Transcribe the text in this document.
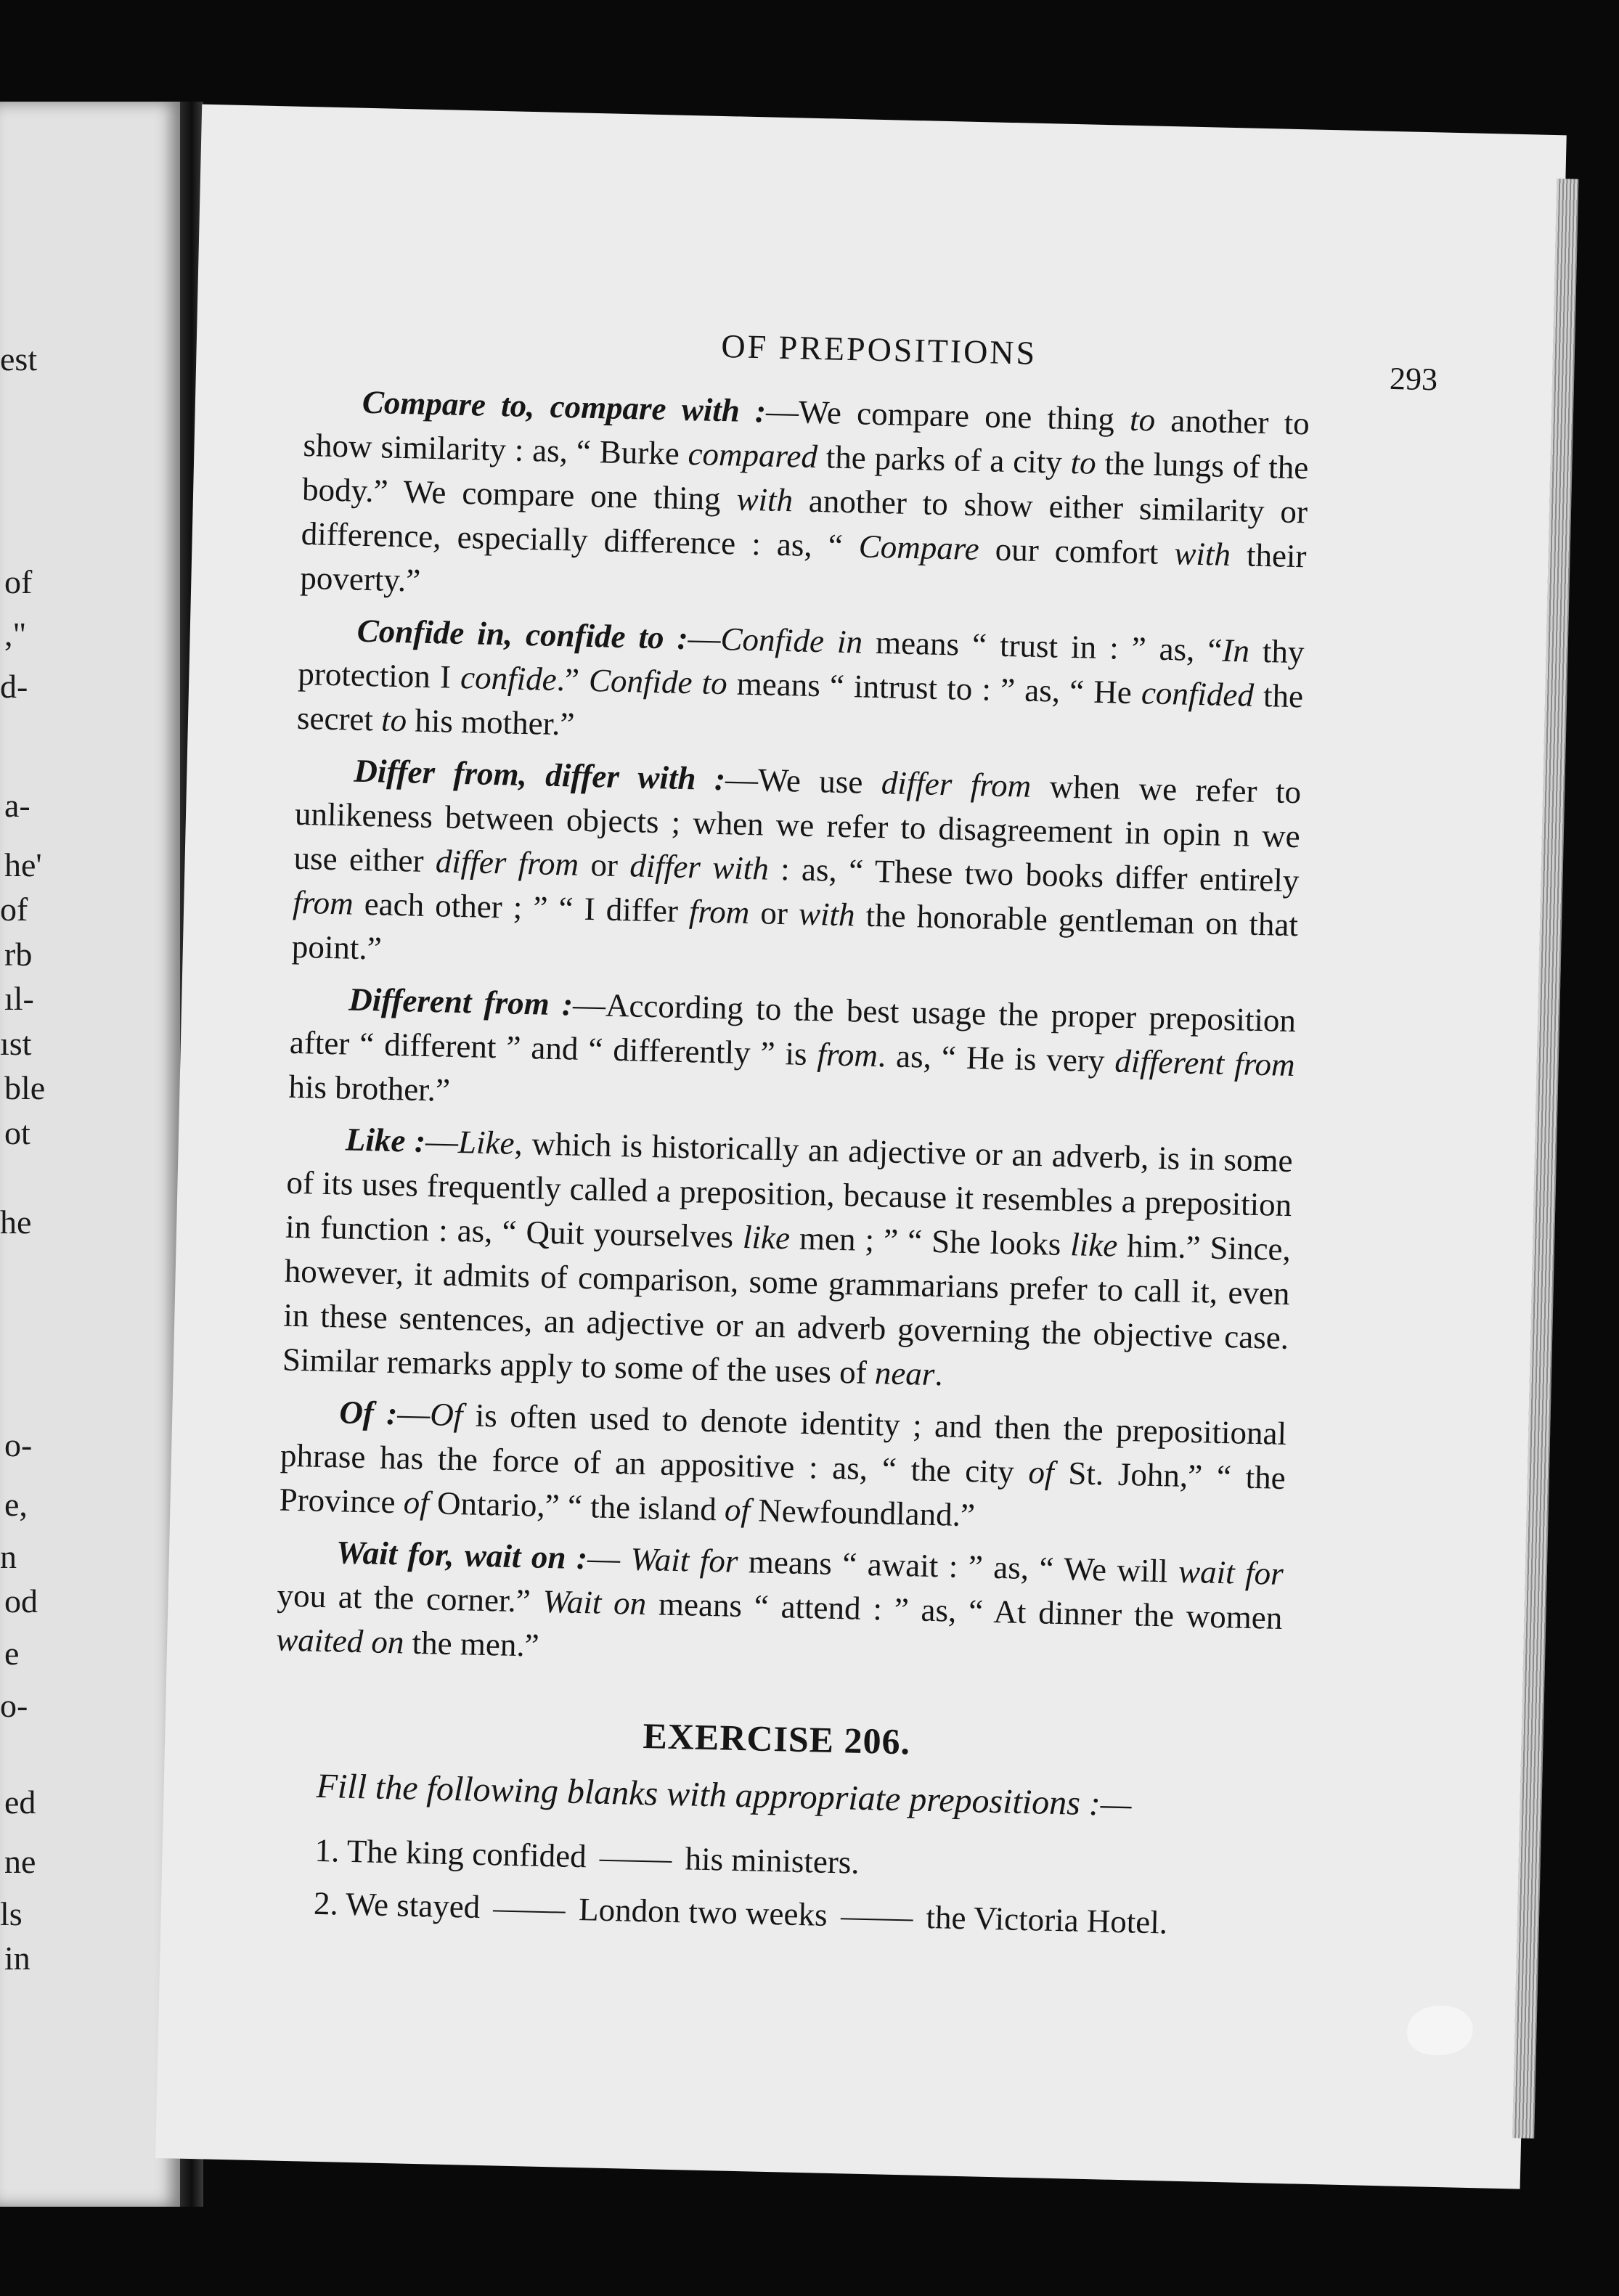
est
of
,"
d-
a-
he'
of
rb
ıl-
ıst
ble
ot
he
o-
e,
n
od
e
o-
ed
ne
ls
in
OF PREPOSITIONS
293

Compare to, compare with :—We compare one thing to another to show similarity : as, “ Burke compared the parks of a city to the lungs of the body.” We compare one thing with another to show either similarity or difference, especially difference : as, “ Compare our comfort with their poverty.”

Confide in, confide to :—Confide in means “ trust in : ” as, “In thy protection I confide.” Confide to means “ intrust to : ” as, “ He confided the secret to his mother.”

Differ from, differ with :—We use differ from when we refer to unlikeness between objects ; when we refer to disagreement in opin n we use either differ from or differ with : as, “ These two books differ entirely from each other ; ” “ I differ from or with the honorable gentleman on that point.”

Different from :—According to the best usage the proper preposition after “ different ” and “ differently ” is from. as, “ He is very different from his brother.”

Like :—Like, which is historically an adjective or an adverb, is in some of its uses frequently called a preposition, because it resembles a preposition in function : as, “ Quit yourselves like men ; ” “ She looks like him.” Since, however, it admits of comparison, some grammarians prefer to call it, even in these sentences, an adjective or an adverb governing the objective case. Similar remarks apply to some of the uses of near.

Of :—Of is often used to denote identity ; and then the prepositional phrase has the force of an appositive : as, “ the city of St. John,” “ the Province of Ontario,” “ the island of Newfoundland.”

Wait for, wait on :— Wait for means “ await : ” as, “ We will wait for you at the corner.” Wait on means “ attend : ” as, “ At dinner the women waited on the men.”

EXERCISE 206.
Fill the following blanks with appropriate prepositions :—

1. The king confided	his ministers.

2. We stayed	London two weeks	the Victoria Hotel.
